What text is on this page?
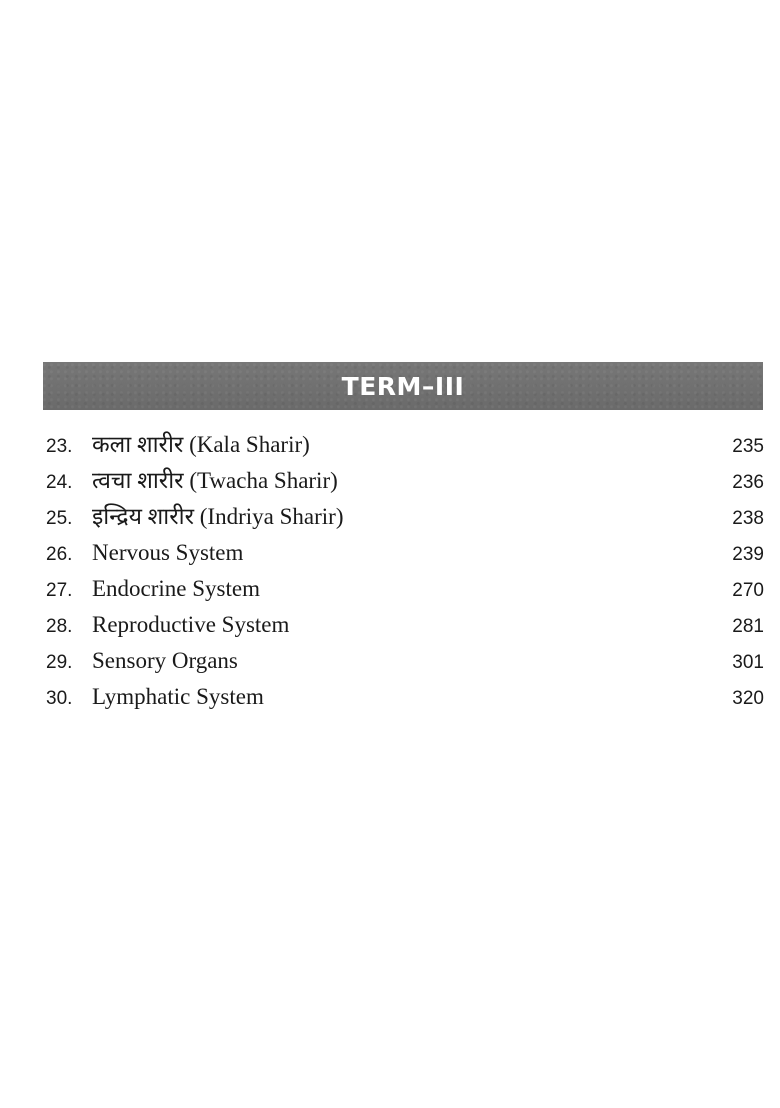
TERM–III
23. कला शारीर (Kala Sharir)	235
24. त्वचा शारीर (Twacha Sharir)	236
25. इन्द्रिय शारीर (Indriya Sharir)	238
26. Nervous System	239
27. Endocrine System	270
28. Reproductive System	281
29. Sensory Organs	301
30. Lymphatic System	320
